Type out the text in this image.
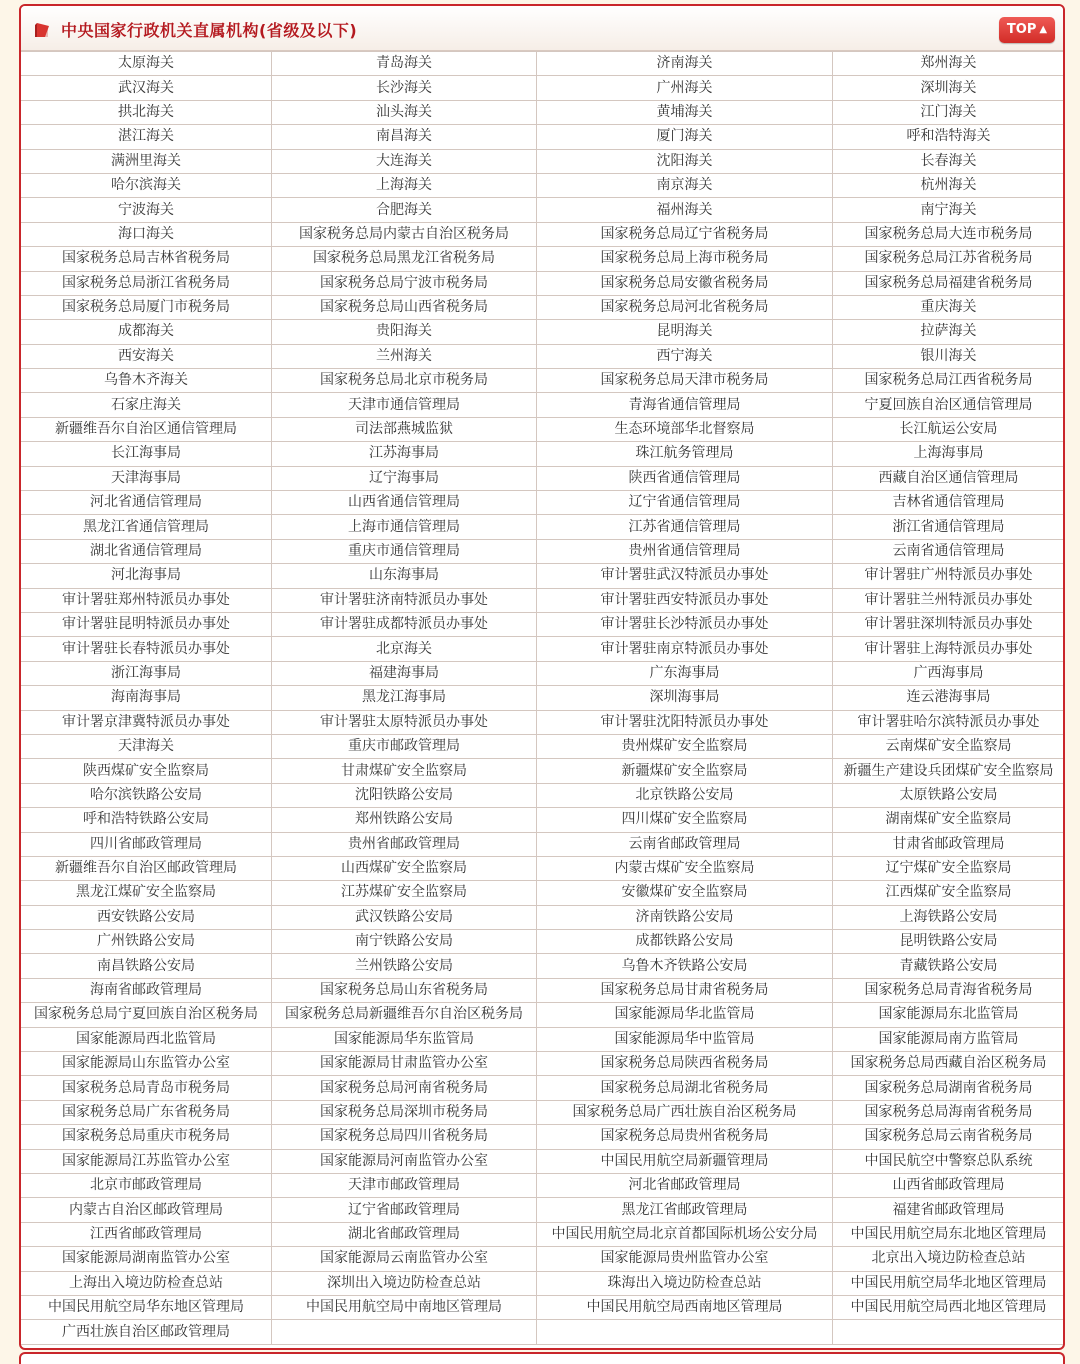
中央国家行政机关直属机构(省级及以下)	TOP ▲
太原海关	青岛海关	济南海关	郑州海关
武汉海关	长沙海关	广州海关	深圳海关
拱北海关	汕头海关	黄埔海关	江门海关
湛江海关	南昌海关	厦门海关	呼和浩特海关
满洲里海关	大连海关	沈阳海关	长春海关
哈尔滨海关	上海海关	南京海关	杭州海关
宁波海关	合肥海关	福州海关	南宁海关
海口海关	国家税务总局内蒙古自治区税务局	国家税务总局辽宁省税务局	国家税务总局大连市税务局
国家税务总局吉林省税务局	国家税务总局黑龙江省税务局	国家税务总局上海市税务局	国家税务总局江苏省税务局
国家税务总局浙江省税务局	国家税务总局宁波市税务局	国家税务总局安徽省税务局	国家税务总局福建省税务局
国家税务总局厦门市税务局	国家税务总局山西省税务局	国家税务总局河北省税务局	重庆海关
成都海关	贵阳海关	昆明海关	拉萨海关
西安海关	兰州海关	西宁海关	银川海关
乌鲁木齐海关	国家税务总局北京市税务局	国家税务总局天津市税务局	国家税务总局江西省税务局
石家庄海关	天津市通信管理局	青海省通信管理局	宁夏回族自治区通信管理局
新疆维吾尔自治区通信管理局	司法部燕城监狱	生态环境部华北督察局	长江航运公安局
长江海事局	江苏海事局	珠江航务管理局	上海海事局
天津海事局	辽宁海事局	陕西省通信管理局	西藏自治区通信管理局
河北省通信管理局	山西省通信管理局	辽宁省通信管理局	吉林省通信管理局
黑龙江省通信管理局	上海市通信管理局	江苏省通信管理局	浙江省通信管理局
湖北省通信管理局	重庆市通信管理局	贵州省通信管理局	云南省通信管理局
河北海事局	山东海事局	审计署驻武汉特派员办事处	审计署驻广州特派员办事处
审计署驻郑州特派员办事处	审计署驻济南特派员办事处	审计署驻西安特派员办事处	审计署驻兰州特派员办事处
审计署驻昆明特派员办事处	审计署驻成都特派员办事处	审计署驻长沙特派员办事处	审计署驻深圳特派员办事处
审计署驻长春特派员办事处	北京海关	审计署驻南京特派员办事处	审计署驻上海特派员办事处
浙江海事局	福建海事局	广东海事局	广西海事局
海南海事局	黑龙江海事局	深圳海事局	连云港海事局
审计署京津冀特派员办事处	审计署驻太原特派员办事处	审计署驻沈阳特派员办事处	审计署驻哈尔滨特派员办事处
天津海关	重庆市邮政管理局	贵州煤矿安全监察局	云南煤矿安全监察局
陕西煤矿安全监察局	甘肃煤矿安全监察局	新疆煤矿安全监察局	新疆生产建设兵团煤矿安全监察局
哈尔滨铁路公安局	沈阳铁路公安局	北京铁路公安局	太原铁路公安局
呼和浩特铁路公安局	郑州铁路公安局	四川煤矿安全监察局	湖南煤矿安全监察局
四川省邮政管理局	贵州省邮政管理局	云南省邮政管理局	甘肃省邮政管理局
新疆维吾尔自治区邮政管理局	山西煤矿安全监察局	内蒙古煤矿安全监察局	辽宁煤矿安全监察局
黑龙江煤矿安全监察局	江苏煤矿安全监察局	安徽煤矿安全监察局	江西煤矿安全监察局
西安铁路公安局	武汉铁路公安局	济南铁路公安局	上海铁路公安局
广州铁路公安局	南宁铁路公安局	成都铁路公安局	昆明铁路公安局
南昌铁路公安局	兰州铁路公安局	乌鲁木齐铁路公安局	青藏铁路公安局
海南省邮政管理局	国家税务总局山东省税务局	国家税务总局甘肃省税务局	国家税务总局青海省税务局
国家税务总局宁夏回族自治区税务局	国家税务总局新疆维吾尔自治区税务局	国家能源局华北监管局	国家能源局东北监管局
国家能源局西北监管局	国家能源局华东监管局	国家能源局华中监管局	国家能源局南方监管局
国家能源局山东监管办公室	国家能源局甘肃监管办公室	国家税务总局陕西省税务局	国家税务总局西藏自治区税务局
国家税务总局青岛市税务局	国家税务总局河南省税务局	国家税务总局湖北省税务局	国家税务总局湖南省税务局
国家税务总局广东省税务局	国家税务总局深圳市税务局	国家税务总局广西壮族自治区税务局	国家税务总局海南省税务局
国家税务总局重庆市税务局	国家税务总局四川省税务局	国家税务总局贵州省税务局	国家税务总局云南省税务局
国家能源局江苏监管办公室	国家能源局河南监管办公室	中国民用航空局新疆管理局	中国民航空中警察总队系统
北京市邮政管理局	天津市邮政管理局	河北省邮政管理局	山西省邮政管理局
内蒙古自治区邮政管理局	辽宁省邮政管理局	黑龙江省邮政管理局	福建省邮政管理局
江西省邮政管理局	湖北省邮政管理局	中国民用航空局北京首都国际机场公安分局	中国民用航空局东北地区管理局
国家能源局湖南监管办公室	国家能源局云南监管办公室	国家能源局贵州监管办公室	北京出入境边防检查总站
上海出入境边防检查总站	深圳出入境边防检查总站	珠海出入境边防检查总站	中国民用航空局华北地区管理局
中国民用航空局华东地区管理局	中国民用航空局中南地区管理局	中国民用航空局西南地区管理局	中国民用航空局西北地区管理局
广西壮族自治区邮政管理局			
